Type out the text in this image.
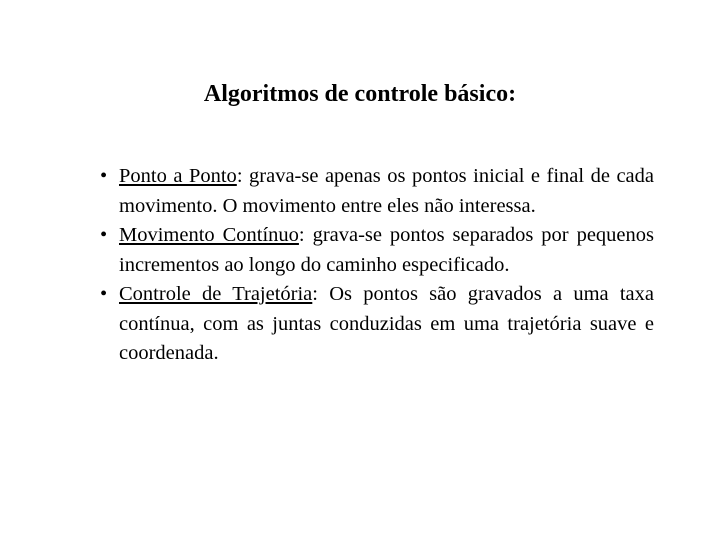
Algoritmos de controle básico:
• Ponto a Ponto: grava-se apenas os pontos inicial e final de cada movimento. O movimento entre eles não interessa.
• Movimento Contínuo: grava-se pontos separados por pequenos incrementos ao longo do caminho especificado.
• Controle de Trajetória: Os pontos são gravados a uma taxa contínua, com as juntas conduzidas em uma trajetória suave e coordenada.
